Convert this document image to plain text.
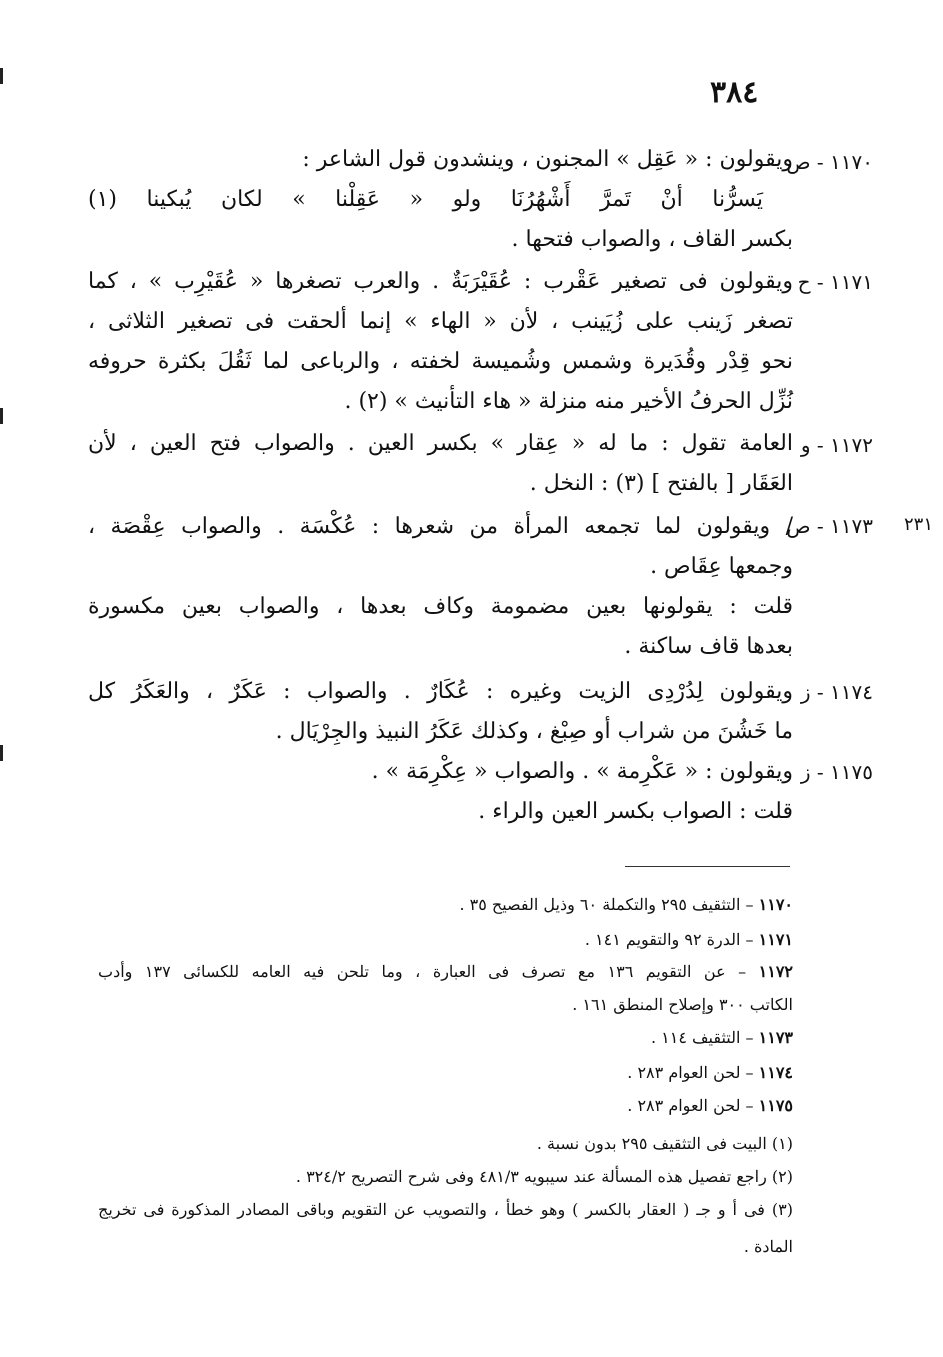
٣٨٤
١١٧٠ - ص
ويقولون : « عَقِل » المجنون ، وينشدون قول الشاعر :
يَسرُّنا أنْ تَمرَّ أَشْهُرُنَا ولو « عَقِلْنا » لكان يُبكينا (١)
بكسر القاف ، والصواب فتحها .
١١٧١ - ح
ويقولون فى تصغير عَقْرب : عُقَيْرَبَةٌ . والعرب تصغرها « عُقَيْرِب » ، كما
تصغر زَينب على زُيَينب ، لأن « الهاء » إنما ألحقت فى تصغير الثلاثى ،
نحو قِدْر وقُدَيرة وشمس وشُميسة لخفته ، والرباعى لما ثَقُلَ بكثرة حروفه
نُزِّل الحرفُ الأخير منه منزلة « هاء التأنيث » (٢) .
١١٧٢ - و
العامة تقول : ما له « عِقار » بكسر العين . والصواب فتح العين ، لأن
العَقَار [ بالفتح ] (٣) : النخل .
٢٣١
١١٧٣ - ص
/ ويقولون لما تجمعه المرأة من شعرها : عُكْسَة . والصواب عِقْصَة ،
وجمعها عِقَاص .
قلت : يقولونها بعين مضمومة وكاف بعدها ، والصواب بعين مكسورة
بعدها قاف ساكنة .
١١٧٤ - ز
ويقولون لِدُرْدِى الزيت وغيره : عُكَارٌ . والصواب : عَكَرٌ ، والعَكَرُ كل
ما خَشُنَ من شراب أو صِبْغ ، وكذلك عَكَرُ النبيذ والجِرْيَال .
١١٧٥ - ز
ويقولون : « عَكْرِمة » . والصواب « عِكْرِمَة » .
قلت : الصواب بكسر العين والراء .
١١٧٠ – التثقيف ٢٩٥ والتكملة ٦٠ وذيل الفصيح ٣٥ .
١١٧١ – الدرة ٩٢ والتقويم ١٤١ .
١١٧٢ – عن التقويم ١٣٦ مع تصرف فى العبارة ، وما تلحن فيه العامه للكسائى ١٣٧ وأدب
الكاتب ٣٠٠ وإصلاح المنطق ١٦١ .
١١٧٣ – التثقيف ١١٤ .
١١٧٤ – لحن العوام ٢٨٣ .
١١٧٥ – لحن العوام ٢٨٣ .
(١) البيت فى التثقيف ٢٩٥ بدون نسبة .
(٢) راجع تفصيل هذه المسألة عند سيبويه ٤٨١/٣ وفى شرح التصريح ٣٢٤/٢ .
(٣) فى أ و جـ ( العقار بالكسر ) وهو خطأ ، والتصويب عن التقويم وباقى المصادر المذكورة فى تخريج
المادة .
